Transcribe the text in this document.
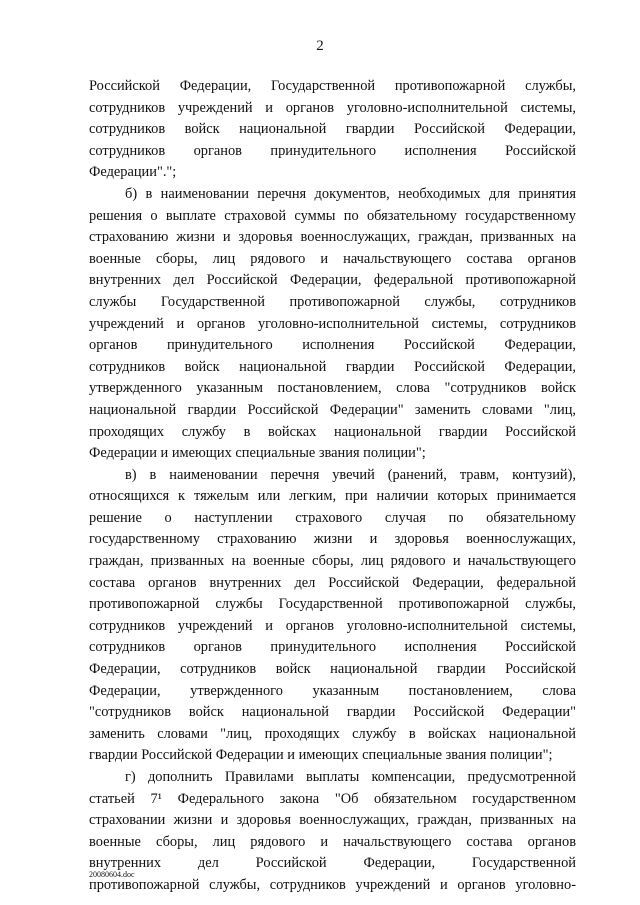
2
Российской Федерации, Государственной противопожарной службы,
сотрудников учреждений и органов уголовно-исполнительной системы,
сотрудников войск национальной гвардии Российской Федерации,
сотрудников органов принудительного исполнения Российской
Федерации".";
б) в наименовании перечня документов, необходимых для принятия
решения о выплате страховой суммы по обязательному государственному
страхованию жизни и здоровья военнослужащих, граждан, призванных на
военные сборы, лиц рядового и начальствующего состава органов
внутренних дел Российской Федерации, федеральной противопожарной
службы Государственной противопожарной службы, сотрудников
учреждений и органов уголовно-исполнительной системы, сотрудников
органов принудительного исполнения Российской Федерации,
сотрудников войск национальной гвардии Российской Федерации,
утвержденного указанным постановлением, слова "сотрудников войск
национальной гвардии Российской Федерации" заменить словами "лиц,
проходящих службу в войсках национальной гвардии Российской
Федерации и имеющих специальные звания полиции";
в) в наименовании перечня увечий (ранений, травм, контузий),
относящихся к тяжелым или легким, при наличии которых принимается
решение о наступлении страхового случая по обязательному
государственному страхованию жизни и здоровья военнослужащих,
граждан, призванных на военные сборы, лиц рядового и начальствующего
состава органов внутренних дел Российской Федерации, федеральной
противопожарной службы Государственной противопожарной службы,
сотрудников учреждений и органов уголовно-исполнительной системы,
сотрудников органов принудительного исполнения Российской
Федерации, сотрудников войск национальной гвардии Российской
Федерации, утвержденного указанным постановлением, слова
"сотрудников войск национальной гвардии Российской Федерации"
заменить словами "лиц, проходящих службу в войсках национальной
гвардии Российской Федерации и имеющих специальные звания полиции";
г) дополнить Правилами выплаты компенсации, предусмотренной
статьей 7¹ Федерального закона "Об обязательном государственном
страховании жизни и здоровья военнослужащих, граждан, призванных на
военные сборы, лиц рядового и начальствующего состава органов
внутренних дел Российской Федерации, Государственной
противопожарной службы, сотрудников учреждений и органов уголовно-
20080604.doc
